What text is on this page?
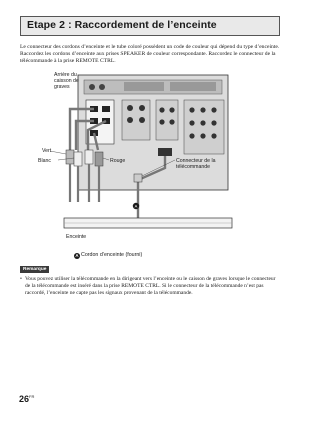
Etape 2 : Raccordement de l’enceinte
Le connecteur des cordons d’enceinte et le tube coloré possèdent un code de couleur qui dépend du type d’enceinte. Raccordez les cordons d’enceinte aux prises SPEAKER de couleur correspondante. Raccordez le connecteur de la télécommande à la prise REMOTE CTRL.
A
Arrière du
caisson de
graves
Vert
Blanc	Rouge	Connecteur de la
télécommande
Enceinte
A Cordon d’enceinte (fourni)
Remarque
• Vous pouvez utiliser la télécommande en la dirigeant vers l’enceinte ou le caisson de graves lorsque le connecteur de la télécommande est inséré dans la prise REMOTE CTRL. Si le connecteur de la télécommande n’est pas raccordé, l’enceinte ne capte pas les signaux provenant de la télécommande.
$26^{FR}$
